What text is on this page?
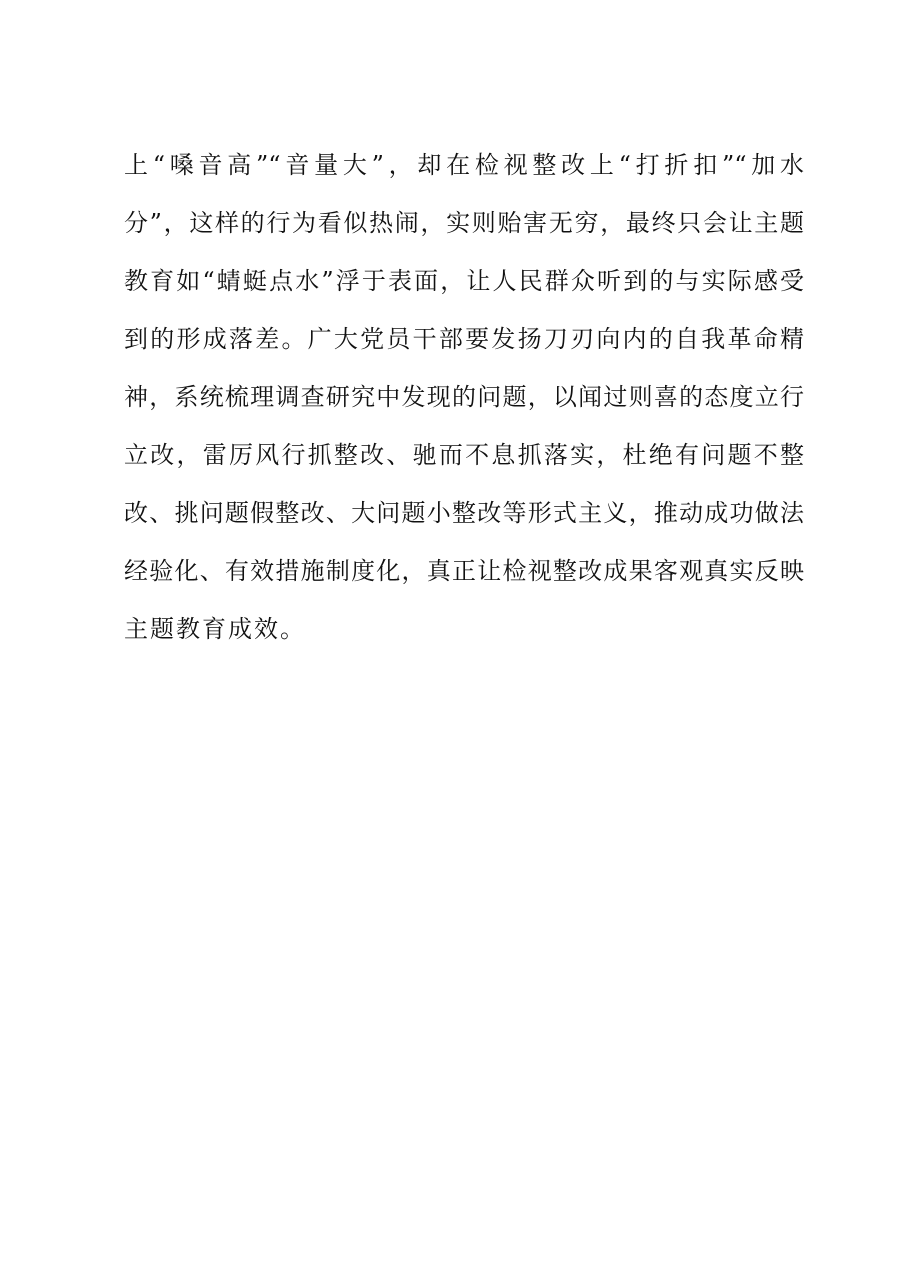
上“嗓音高”“音量大”，却在检视整改上“打折扣”“加水
分”，这样的行为看似热闹，实则贻害无穷，最终只会让主题
教育如“蜻蜓点水”浮于表面，让人民群众听到的与实际感受
到的形成落差。广大党员干部要发扬刀刃向内的自我革命精
神，系统梳理调查研究中发现的问题，以闻过则喜的态度立行
立改，雷厉风行抓整改、驰而不息抓落实，杜绝有问题不整
改、挑问题假整改、大问题小整改等形式主义，推动成功做法
经验化、有效措施制度化，真正让检视整改成果客观真实反映
主题教育成效。
